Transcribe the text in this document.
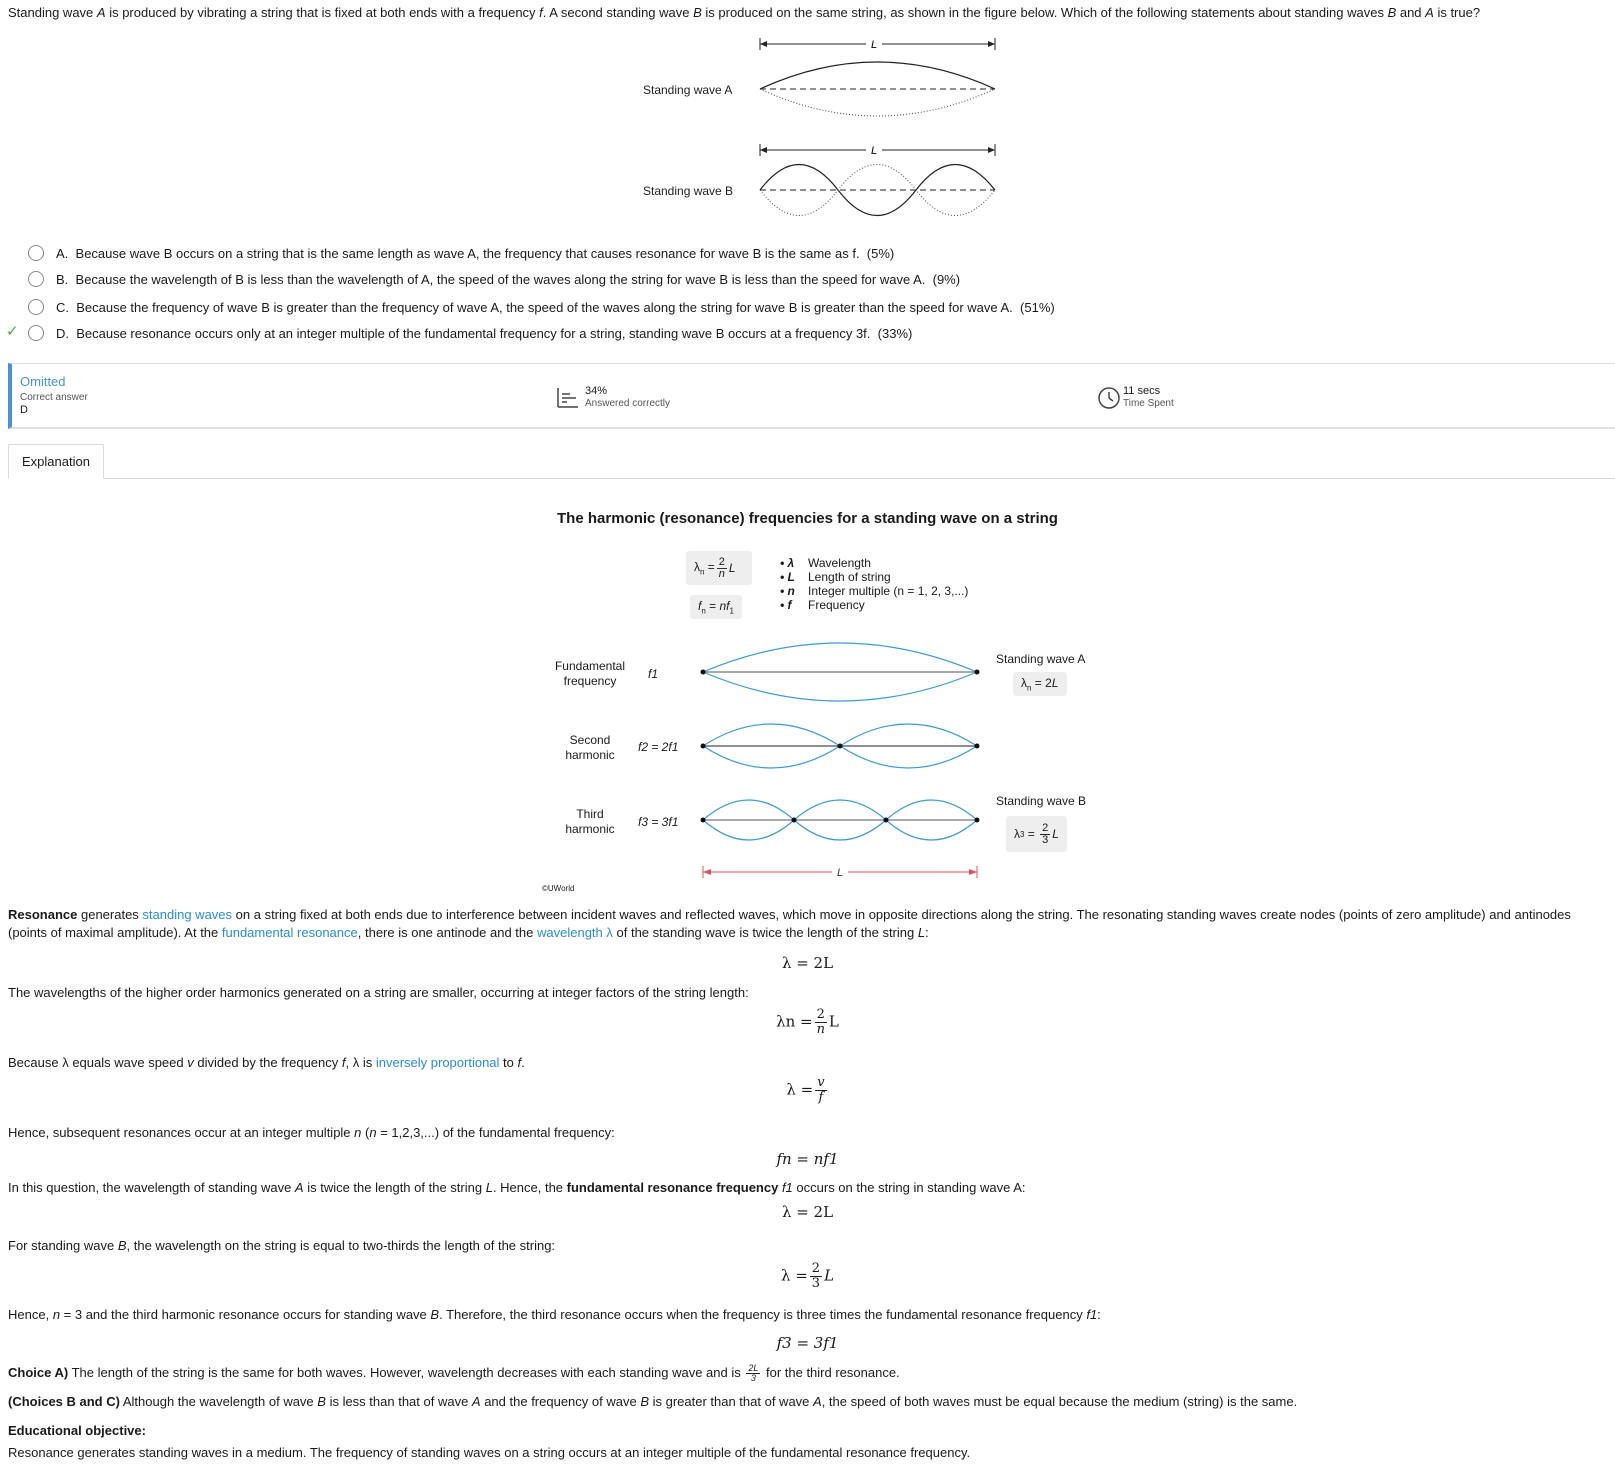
Standing wave A is produced by vibrating a string that is fixed at both ends with a frequency f. A second standing wave B is produced on the same string, as shown in the figure below. Which of the following statements about standing waves B and A is true?
Standing wave A
Standing wave B
L
L
A.
Because wave B occurs on a string that is the same length as wave A, the frequency that causes resonance for wave B is the same as f.
(5%)
B.
Because the wavelength of B is less than the wavelength of A, the speed of the waves along the string for wave B is less than the speed for wave A.
(9%)
C.
Because the frequency of wave B is greater than the frequency of wave A, the speed of the waves along the string for wave B is greater than the speed for wave A.
(51%)
✓	D.
Because resonance occurs only at an integer multiple of the fundamental frequency for a string, standing wave B occurs at a frequency 3f.
(33%)
Omitted
Correct answer
D
34%
Answered correctly
11 secs
Time Spent
Explanation
The harmonic (resonance) frequencies for a standing wave on a string
$\lambda_n = \frac{2}{n}$ L
$f_n = nf_1$
• λ Wavelength
• L Length of string
• n Integer multiple (n = 1, 2, 3,...)
• f Frequency
Fundamental
frequency	f1
Second
harmonic
f2 = 2f1
Third
harmonic	f3 = 3f1
L
Standing wave A
$\lambda_n = 2L$
Standing wave B
λ $3 = \frac{2}{3}$ L
©UWorld
Resonance generates standing waves on a string fixed at both ends due to interference between incident waves and reflected waves, which move in opposite directions along the string. The resonating standing waves create nodes (points of zero amplitude) and antinodes (points of maximal amplitude). At the fundamental resonance, there is one antinode and the wavelength λ of the standing wave is twice the length of the string L:
λ = 2L
The wavelengths of the higher order harmonics generated on a string are smaller, occurring at integer factors of the string length:
$\lambda n = \frac{2}{n}$ L
Because λ equals wave speed v divided by the frequency f, λ is inversely proportional to f.
$\lambda = \frac{v}{f}$
Hence, subsequent resonances occur at an integer multiple n (n = 1,2,3,...) of the fundamental frequency:
fn = nf1
In this question, the wavelength of standing wave A is twice the length of the string L. Hence, the fundamental resonance frequency f1 occurs on the string in standing wave A:
λ = 2L
For standing wave B, the wavelength on the string is equal to two-thirds the length of the string:
$\lambda = \frac{2}{3}$ L
Hence, n = 3 and the third harmonic resonance occurs for standing wave B. Therefore, the third resonance occurs when the frequency is three times the fundamental resonance frequency f1:
f3 = 3f1
Choice A) The length of the string is the same for both waves. However, wavelength decreases with each standing wave and is $\frac{2L}{3}$ for the third resonance.
(Choices B and C) Although the wavelength of wave B is less than that of wave A and the frequency of wave B is greater than that of wave A, the speed of both waves must be equal because the medium (string) is the same.
Educational objective:
Resonance generates standing waves in a medium. The frequency of standing waves on a string occurs at an integer multiple of the fundamental resonance frequency.
